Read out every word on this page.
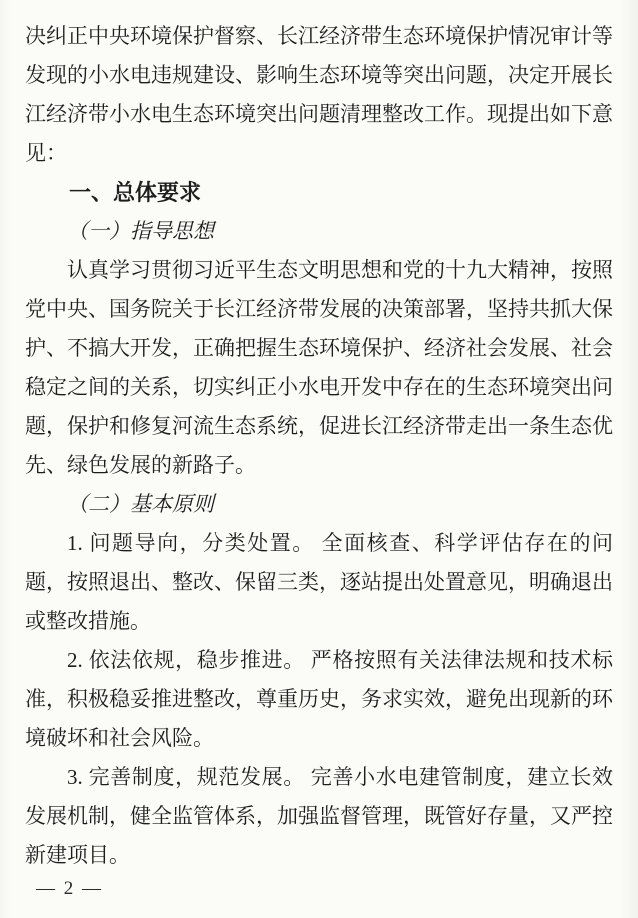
决纠正中央环境保护督察、长江经济带生态环境保护情况审计等发现的小水电违规建设、影响生态环境等突出问题，决定开展长江经济带小水电生态环境突出问题清理整改工作。现提出如下意见：

一、总体要求

（一）指导思想

认真学习贯彻习近平生态文明思想和党的十九大精神，按照党中央、国务院关于长江经济带发展的决策部署，坚持共抓大保护、不搞大开发，正确把握生态环境保护、经济社会发展、社会稳定之间的关系，切实纠正小水电开发中存在的生态环境突出问题，保护和修复河流生态系统，促进长江经济带走出一条生态优先、绿色发展的新路子。

（二）基本原则

1. 问题导向，分类处置。 全面核查、科学评估存在的问题，按照退出、整改、保留三类，逐站提出处置意见，明确退出或整改措施。

2. 依法依规，稳步推进。 严格按照有关法律法规和技术标准，积极稳妥推进整改，尊重历史，务求实效，避免出现新的环境破坏和社会风险。

3. 完善制度，规范发展。 完善小水电建管制度，建立长效发展机制，健全监管体系，加强监督管理，既管好存量，又严控新建项目。

— 2 —
